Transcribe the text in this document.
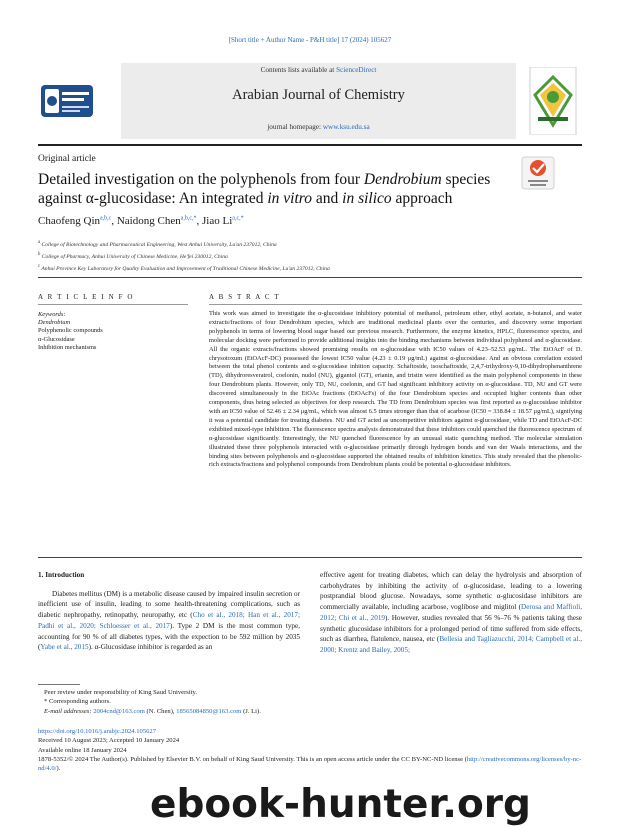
[Short title + Author Name - P&H title] 17 (2024) 105627
Contents lists available at ScienceDirect
Arabian Journal of Chemistry
journal homepage: www.ksu.edu.sa
Original article
Detailed investigation on the polyphenols from four Dendrobium species against α-glucosidase: An integrated in vitro and in silico approach
Chaofeng Qin$^{a,b,c}$, Naidong Chen$^{a,b,c,*}$, Jiao $Li^{a,c,*}$
$^a$ College of Biotechnology and Pharmaceutical Engineering, West Anhui University, Lu'an 237012, China
$^b$ College of Pharmacy, Anhui University of Chinese Medicine, He'fei 230012, China
$^c$ Anhui Province Key Laboratory for Quality Evaluation and Improvement of Traditional Chinese Medicine, Lu'an 237012, China
A R T I C L E I N F O
Keywords:
Dendrobium
Polyphenolic compounds
α-Glucosidase
Inhibition mechanisms
A B S T R A C T

This work was aimed to investigate the α-glucosidase inhibitory potential of methanol, petroleum ether, ethyl acetate, n-butanol, and water extracts/fractions of four Dendrobium species, which are traditional medicinal plants over the centuries, and discovery some important polyphenols in terms of lowering blood sugar based our previous research. Furthermore, the enzyme kinetics, HPLC, fluorescence spectra, and molecular docking were performed to provide additional insights into the binding mechanisms between individual polyphenol and α-glucosidase. All the organic extracts/fractions showed promising results on α-glucosidase with IC50 values of 4.23–52.53 μg/mL. The EtOAcF of D. chrysotoxum (EtOAcF-DC) possessed the lowest IC50 value (4.23 ± 0.19 μg/mL) against α-glucosidase. And an obvious correlation existed between the total phenol contents and α-glucosidase inhition capacity. Schaftoside, isoschaftoside, 2,4,7-trihydroxy-9,10-dihydrophenanthrene (TD), dihydroresveratrol, coelonin, nudol (NU), gigantol (GT), erianin, and tristin were identified as the main polyphenol components in these four Dendrobium plants. However, only TD, NU, coelonin, and GT had significant inhibitory activity on α-glucosidase. TD, NU and GT were discovered simultaneously in the EtOAc fractions (EtOAcFs) of the four Dendrobium species and occupied higher contents than other components, thus being selected as objectives for deep research. The TD from Dendrobium species was first reported as α-glucosidase inhibitor with an IC50 value of 52.46 ± 2.34 μg/mL, which was almost 6.5 times stronger than that of acarbose (IC50 = 338.84 ± 18.57 μg/mL), signifying it was a potential candidate for treating diabetes. NU and GT acted as uncompetitive inhibitors against α-glucosidase, while TD and EtOAcF-DC exhibited mixed-type inhibition. The fluorescence spectra analysis demonstrated that these inhibitors could quenched the fluorescence spectrum of α-glucosidase significantly. Interestingly, the NU quenched fluorescence by an unusual static quenching method. The molecular simulation illustrated these three polyphenols interacted with α-glucosidase primarily through hydrogen bonds and van der Waals interactions, and the binding sites between polyphenols and α-glucosidase supported the obtained results of inhibition kinetics. This study revealed that the phenolic-rich extracts/fractions and polyphenol compounds from Dendrobium plants could be potential α-glucosidase inhibitors.

1. Introduction

Diabetes mellitus (DM) is a metabolic disease caused by impaired insulin secretion or inefficient use of insulin, leading to some health-threatening complications, such as diabetic nephropathy, retinopathy, neuropathy, etc (Cho et al., 2018; Han et al., 2017; Padhi et al., 2020; Schloesser et al., 2017). Type 2 DM is the most common type, accounting for 90 % of all diabetes types, with the expection to be 592 million by 2035 (Yabe et al., 2015). α-Glucosidase inhibitor is regarded as an

effective agent for treating diabetes, which can delay the hydrolysis and absorption of carbohydrates by inhibiting the activity of α-glucosidase, leading to a lowering postprandial blood glucose. Nowadays, some synthetic α-glucosidase inhibitors are commercially available, including acarbose, voglibose and miglitol (Derosa and Maffioli, 2012; Chi et al., 2019). However, studies revealed that 56 %–76 % patients taking these synthetic glucosidase inhibitors for a prolonged period of time suffered from side effects, such as diarrhea, flatulence, nausea, etc (Bellesia and Tagliazucchi, 2014; Campbell et al., 2000; Krentz and Bailey, 2005;

Peer review under responsibility of King Saud University.
* Corresponding authors.
E-mail addresses: 2004cnd@163.com (N. Chen), 18565084850@163.com (J. Li).
https://doi.org/10.1016/j.arabjc.2024.105627
Received 10 August 2023; Accepted 10 January 2024
Available online 18 January 2024
1878-5352/© 2024 The Author(s). Published by Elsevier B.V. on behalf of King Saud University. This is an open access article under the CC BY-NC-ND license (http://creativecommons.org/licenses/by-nc-nd/4.0/).
ebook-hunter.org
